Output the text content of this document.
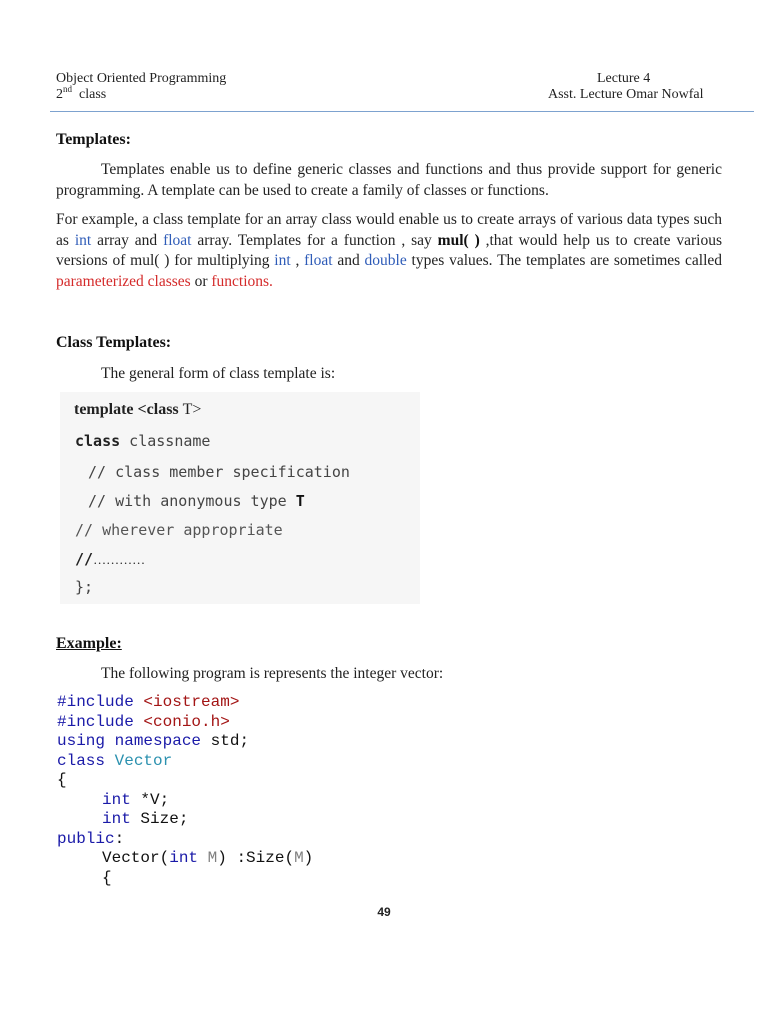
Object Oriented Programming
2nd class
Lecture 4
Asst. Lecture Omar Nowfal
Templates:
Templates enable us to define generic classes and functions and thus provide support for generic programming. A template can be used to create a family of classes or functions.
For example, a class template for an array class would enable us to create arrays of various data types such as int array and float array. Templates for a function , say mul( ) ,that would help us to create various versions of mul( ) for multiplying int , float and double types values. The templates are sometimes called parameterized classes or functions.
Class Templates:
The general form of class template is:
template <class T>
class classname
// class member specification
// with anonymous type T
// wherever appropriate
//…………
};
Example:
The following program is represents the integer vector:
#include <iostream>
#include <conio.h>
using namespace std;
class Vector
{
int *V;
int Size;
public:
Vector(int M) :Size(M)
{
49
